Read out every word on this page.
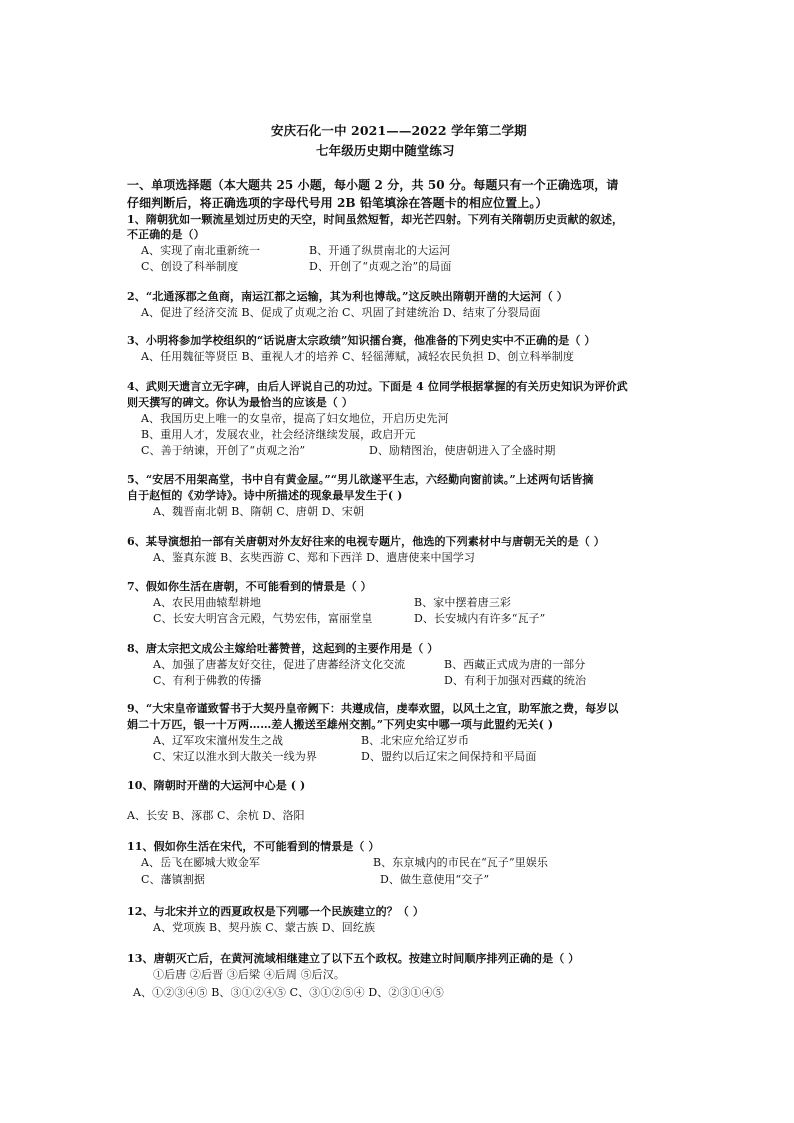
安庆石化一中 2021——2022 学年第二学期
七年级历史期中随堂练习
一、单项选择题（本大题共 25 小题，每小题 2 分，共 50 分。每题只有一个正确选项，请
仔细判断后，将正确选项的字母代号用 2B 铅笔填涂在答题卡的相应位置上。）
1、隋朝犹如一颗流星划过历史的天空，时间虽然短暂，却光芒四射。下列有关隋朝历史贡献的叙述，
不正确的是（）
A、实现了南北重新统一	B、开通了纵贯南北的大运河
C、创设了科举制度	D、开创了“贞观之治”的局面
2、“北通涿郡之鱼商，南运江都之运输，其为利也博哉。”这反映出隋朝开凿的大运河（ ）
A、促进了经济交流 B、促成了贞观之治 C、巩固了封建统治 D、结束了分裂局面
3、小明将参加学校组织的“话说唐太宗政绩”知识擂台赛，他准备的下列史实中不正确的是（ ）
A、任用魏征等贤臣 B、重视人才的培养 C、轻徭薄赋，减轻农民负担 D、创立科举制度
4、武则天遗言立无字碑，由后人评说自己的功过。下面是 4 位同学根据掌握的有关历史知识为评价武
则天撰写的碑文。你认为最恰当的应该是（ ）
A、我国历史上唯一的女皇帝，提高了妇女地位，开启历史先河
B、重用人才，发展农业，社会经济继续发展，政启开元
C、善于纳谏，开创了“贞观之治”	D、励精图治，使唐朝进入了全盛时期
5、“安居不用架高堂，书中自有黄金屋。”“男儿欲遂平生志，六经勤向窗前读。”上述两句话皆摘
自于赵恒的《劝学诗》。诗中所描述的现象最早发生于( )
A、魏晋南北朝 B、隋朝 C、唐朝 D、宋朝
6、某导演想拍一部有关唐朝对外友好往来的电视专题片，他选的下列素材中与唐朝无关的是（ ）
A、鉴真东渡 B、玄奘西游 C、郑和下西洋 D、遣唐使来中国学习
7、假如你生活在唐朝，不可能看到的情景是（ ）
A、农民用曲辕犁耕地	B、家中摆着唐三彩
C、长安大明宫含元殿，气势宏伟，富丽堂皇	D、长安城内有许多“瓦子”
8、唐太宗把文成公主嫁给吐蕃赞普，这起到的主要作用是（ ）
A、加强了唐蕃友好交往，促进了唐蕃经济文化交流	B、西藏正式成为唐的一部分
C、有利于佛教的传播	D、有利于加强对西藏的统治
9、“大宋皇帝谨致誓书于大契丹皇帝阙下：共遵成信，虔奉欢盟，以风土之宜，助军旅之费，每岁以
娟二十万匹，银一十万两……差人搬送至雄州交割。”下列史实中哪一项与此盟约无关( )
A、辽军攻宋澶州发生之战	B、北宋应允给辽岁币
C、宋辽以淮水到大散关一线为界	D、盟约以后辽宋之间保持和平局面
10、隋朝时开凿的大运河中心是 ( )
A、长安 B、涿郡 C、余杭 D、洛阳
11、假如你生活在宋代，不可能看到的情景是（ ）
A、岳飞在郾城大败金军	B、东京城内的市民在“瓦子”里娱乐
C、藩镇割据	D、做生意使用“交子”
12、与北宋并立的西夏政权是下列哪一个民族建立的？（ ）
A、党项族 B、契丹族 C、蒙古族 D、回纥族
13、唐朝灭亡后，在黄河流域相继建立了以下五个政权。按建立时间顺序排列正确的是（ ）
①后唐 ②后晋 ③后梁 ④后周 ⑤后汉。
A、①②③④⑤ B、③①②④⑤ C、③①②⑤④ D、②③①④⑤
